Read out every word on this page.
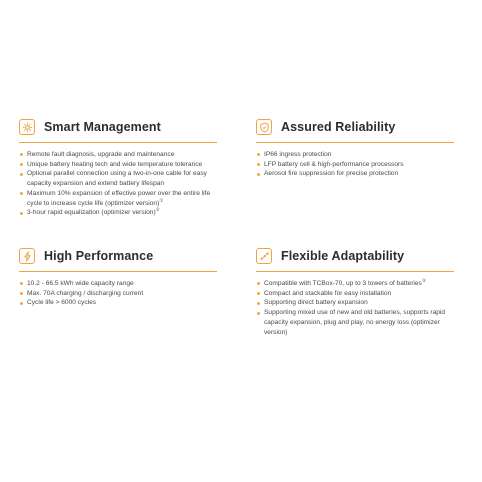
Smart Management
Remote fault diagnosis, upgrade and maintenance
Unique battery heating tech and wide temperature tolerance
Optional parallel connection using a two-in-one cable for easy capacity expansion and extend battery lifespan
Maximum 10% expansion of effective power over the entire life cycle to increase cycle life (optimizer version)①
3-hour rapid equalization (optimizer version)②
Assured Reliability
IP66 ingress protection
LFP battery cell & high-performance processors
Aerosol fire suppression for precise protection
High Performance
10.2 - 66.5 kWh wide capacity range
Max. 70A charging / discharging current
Cycle life > 6000 cycles
Flexible Adaptability
Compatible with TCBox-70, up to 3 towers of batteries③
Compact and stackable for easy installation
Supporting direct battery expansion
Supporting mixed use of new and old batteries, supports rapid capacity expansion, plug and play, no energy loss (optimizer version)
